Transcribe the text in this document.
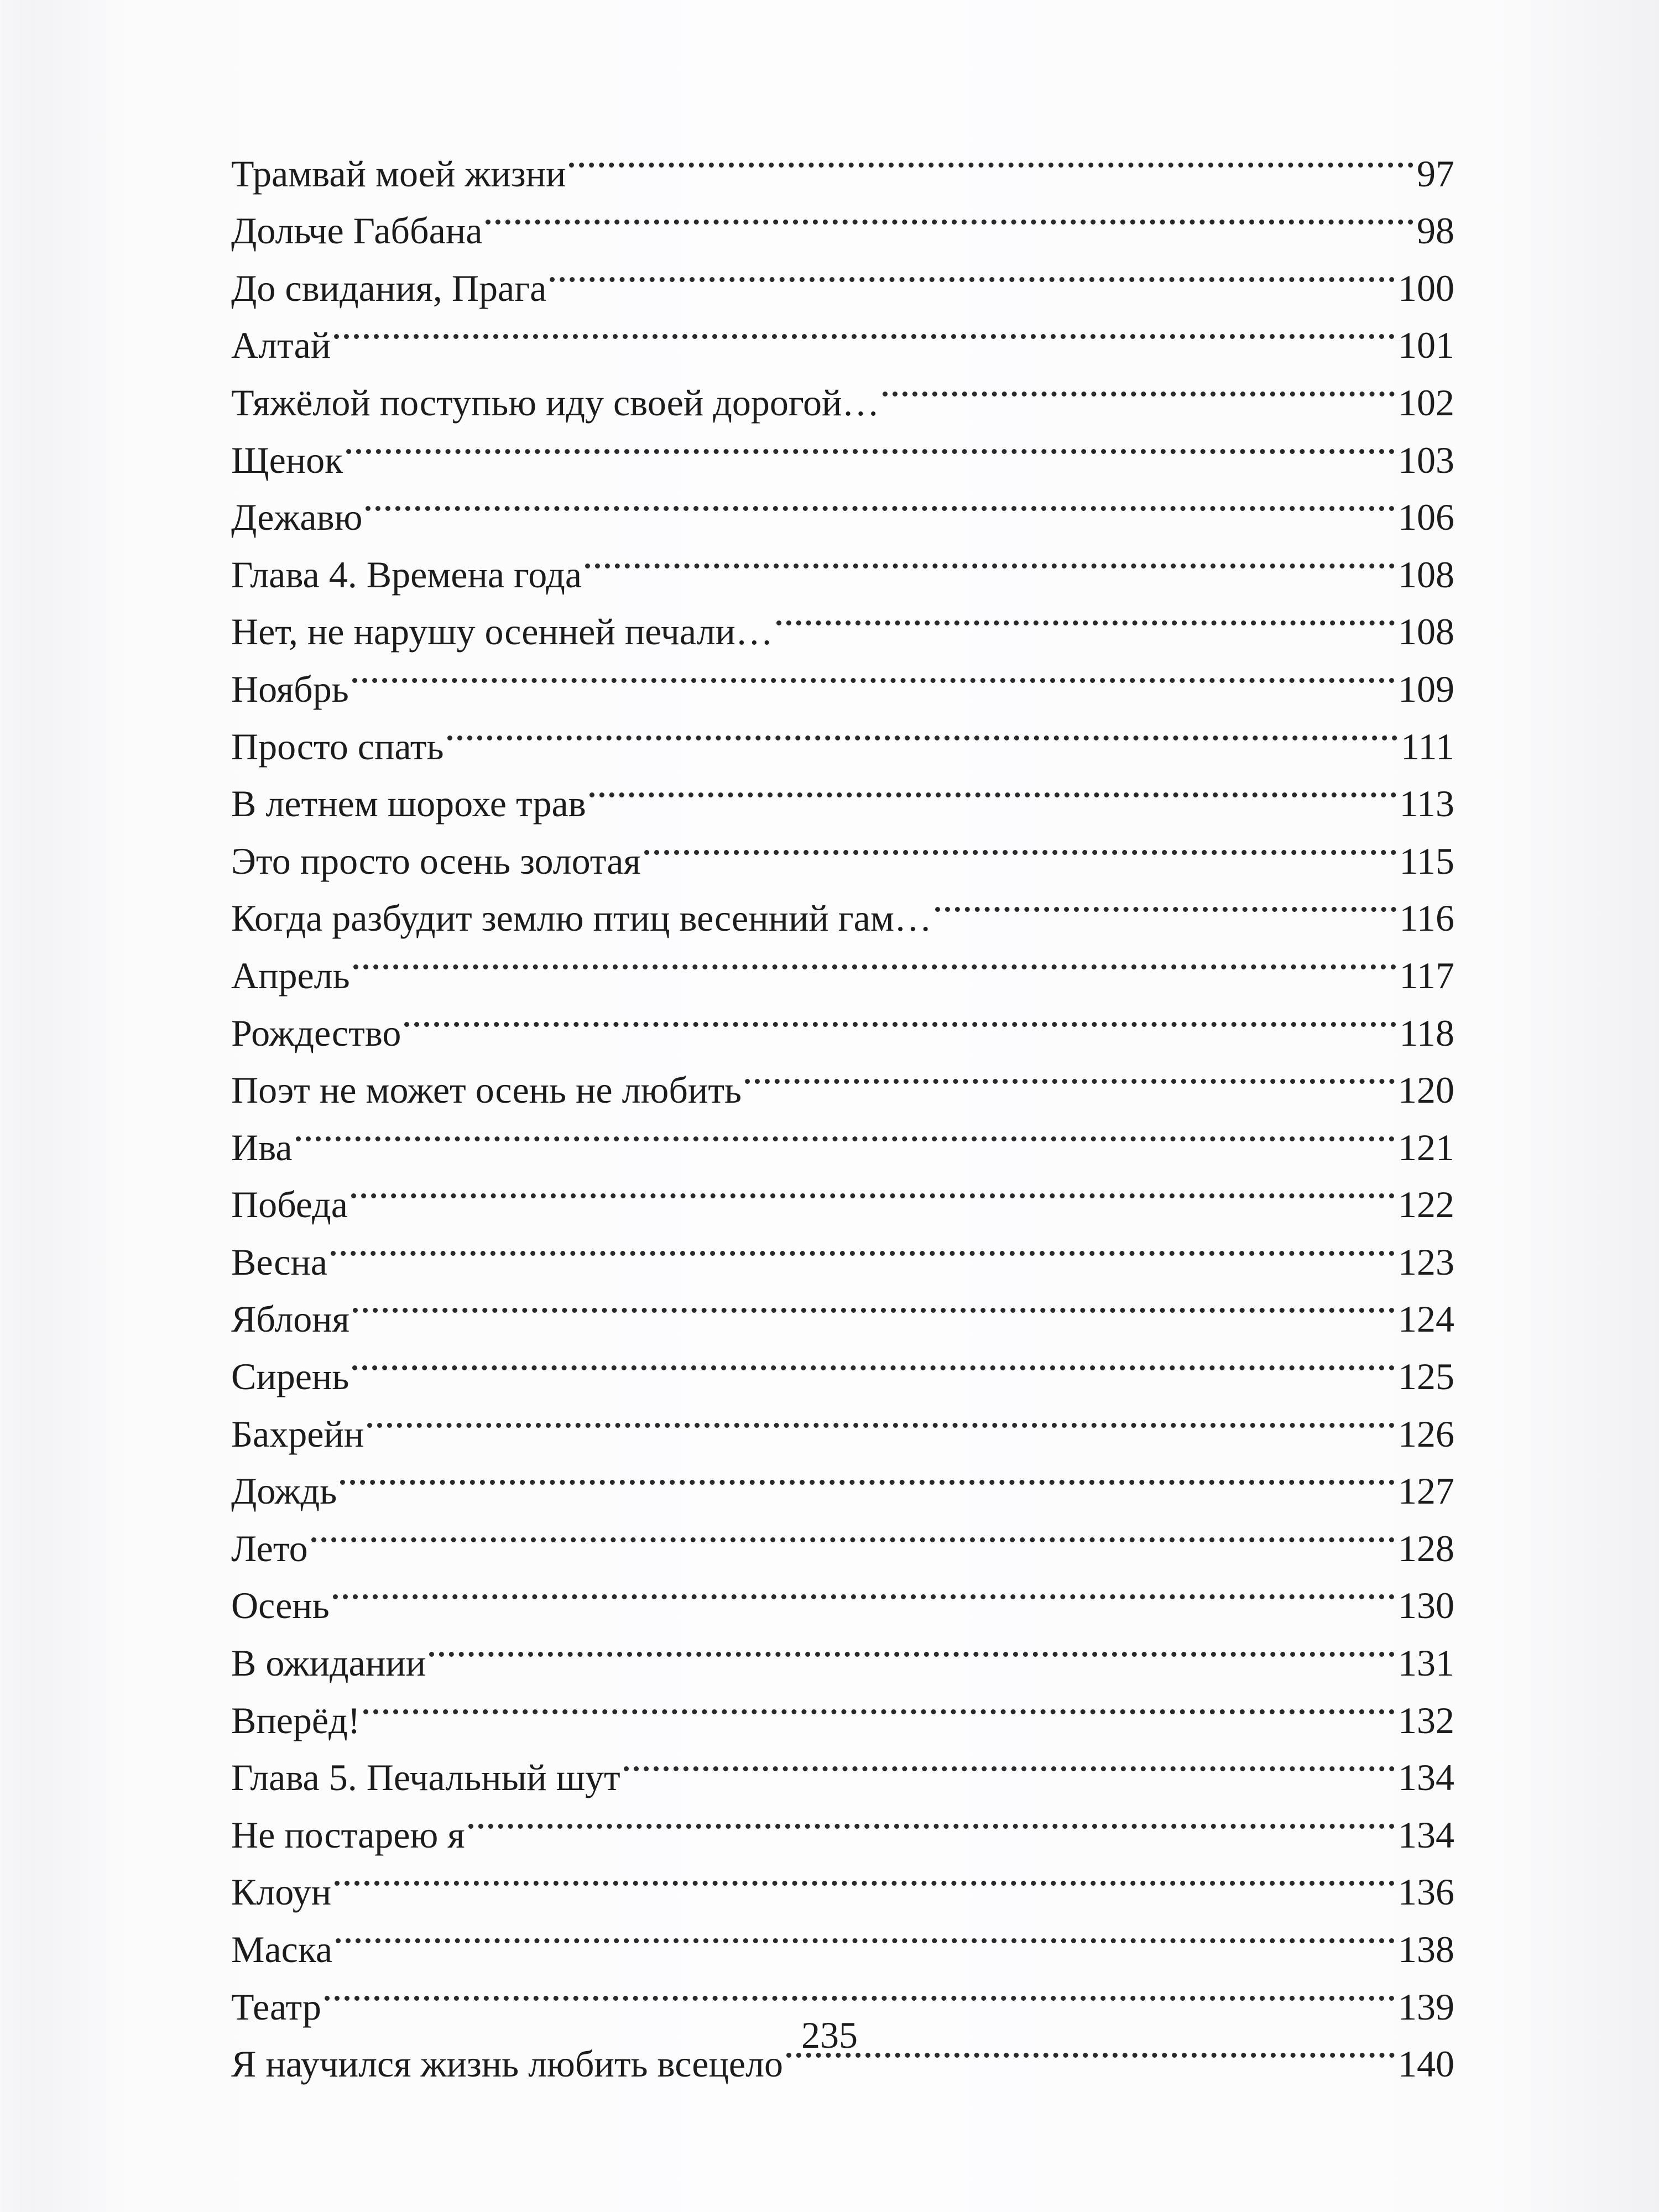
Трамвай моей жизни	97
Дольче Габбана	98
До свидания, Прага	100
Алтай	101
Тяжёлой поступью иду своей дорогой…	102
Щенок	103
Дежавю	106
Глава 4. Времена года	108
Нет, не нарушу осенней печали…	108
Ноябрь	109
Просто спать	111
В летнем шорохе трав	113
Это просто осень золотая	115
Когда разбудит землю птиц весенний гам…	116
Апрель	117
Рождество	118
Поэт не может осень не любить	120
Ива	121
Победа	122
Весна	123
Яблоня	124
Сирень	125
Бахрейн	126
Дождь	127
Лето	128
Осень	130
В ожидании	131
Вперёд!	132
Глава 5. Печальный шут	134
Не постарею я	134
Клоун	136
Маска	138
Театр	139
Я научился жизнь любить всецело	140
235
